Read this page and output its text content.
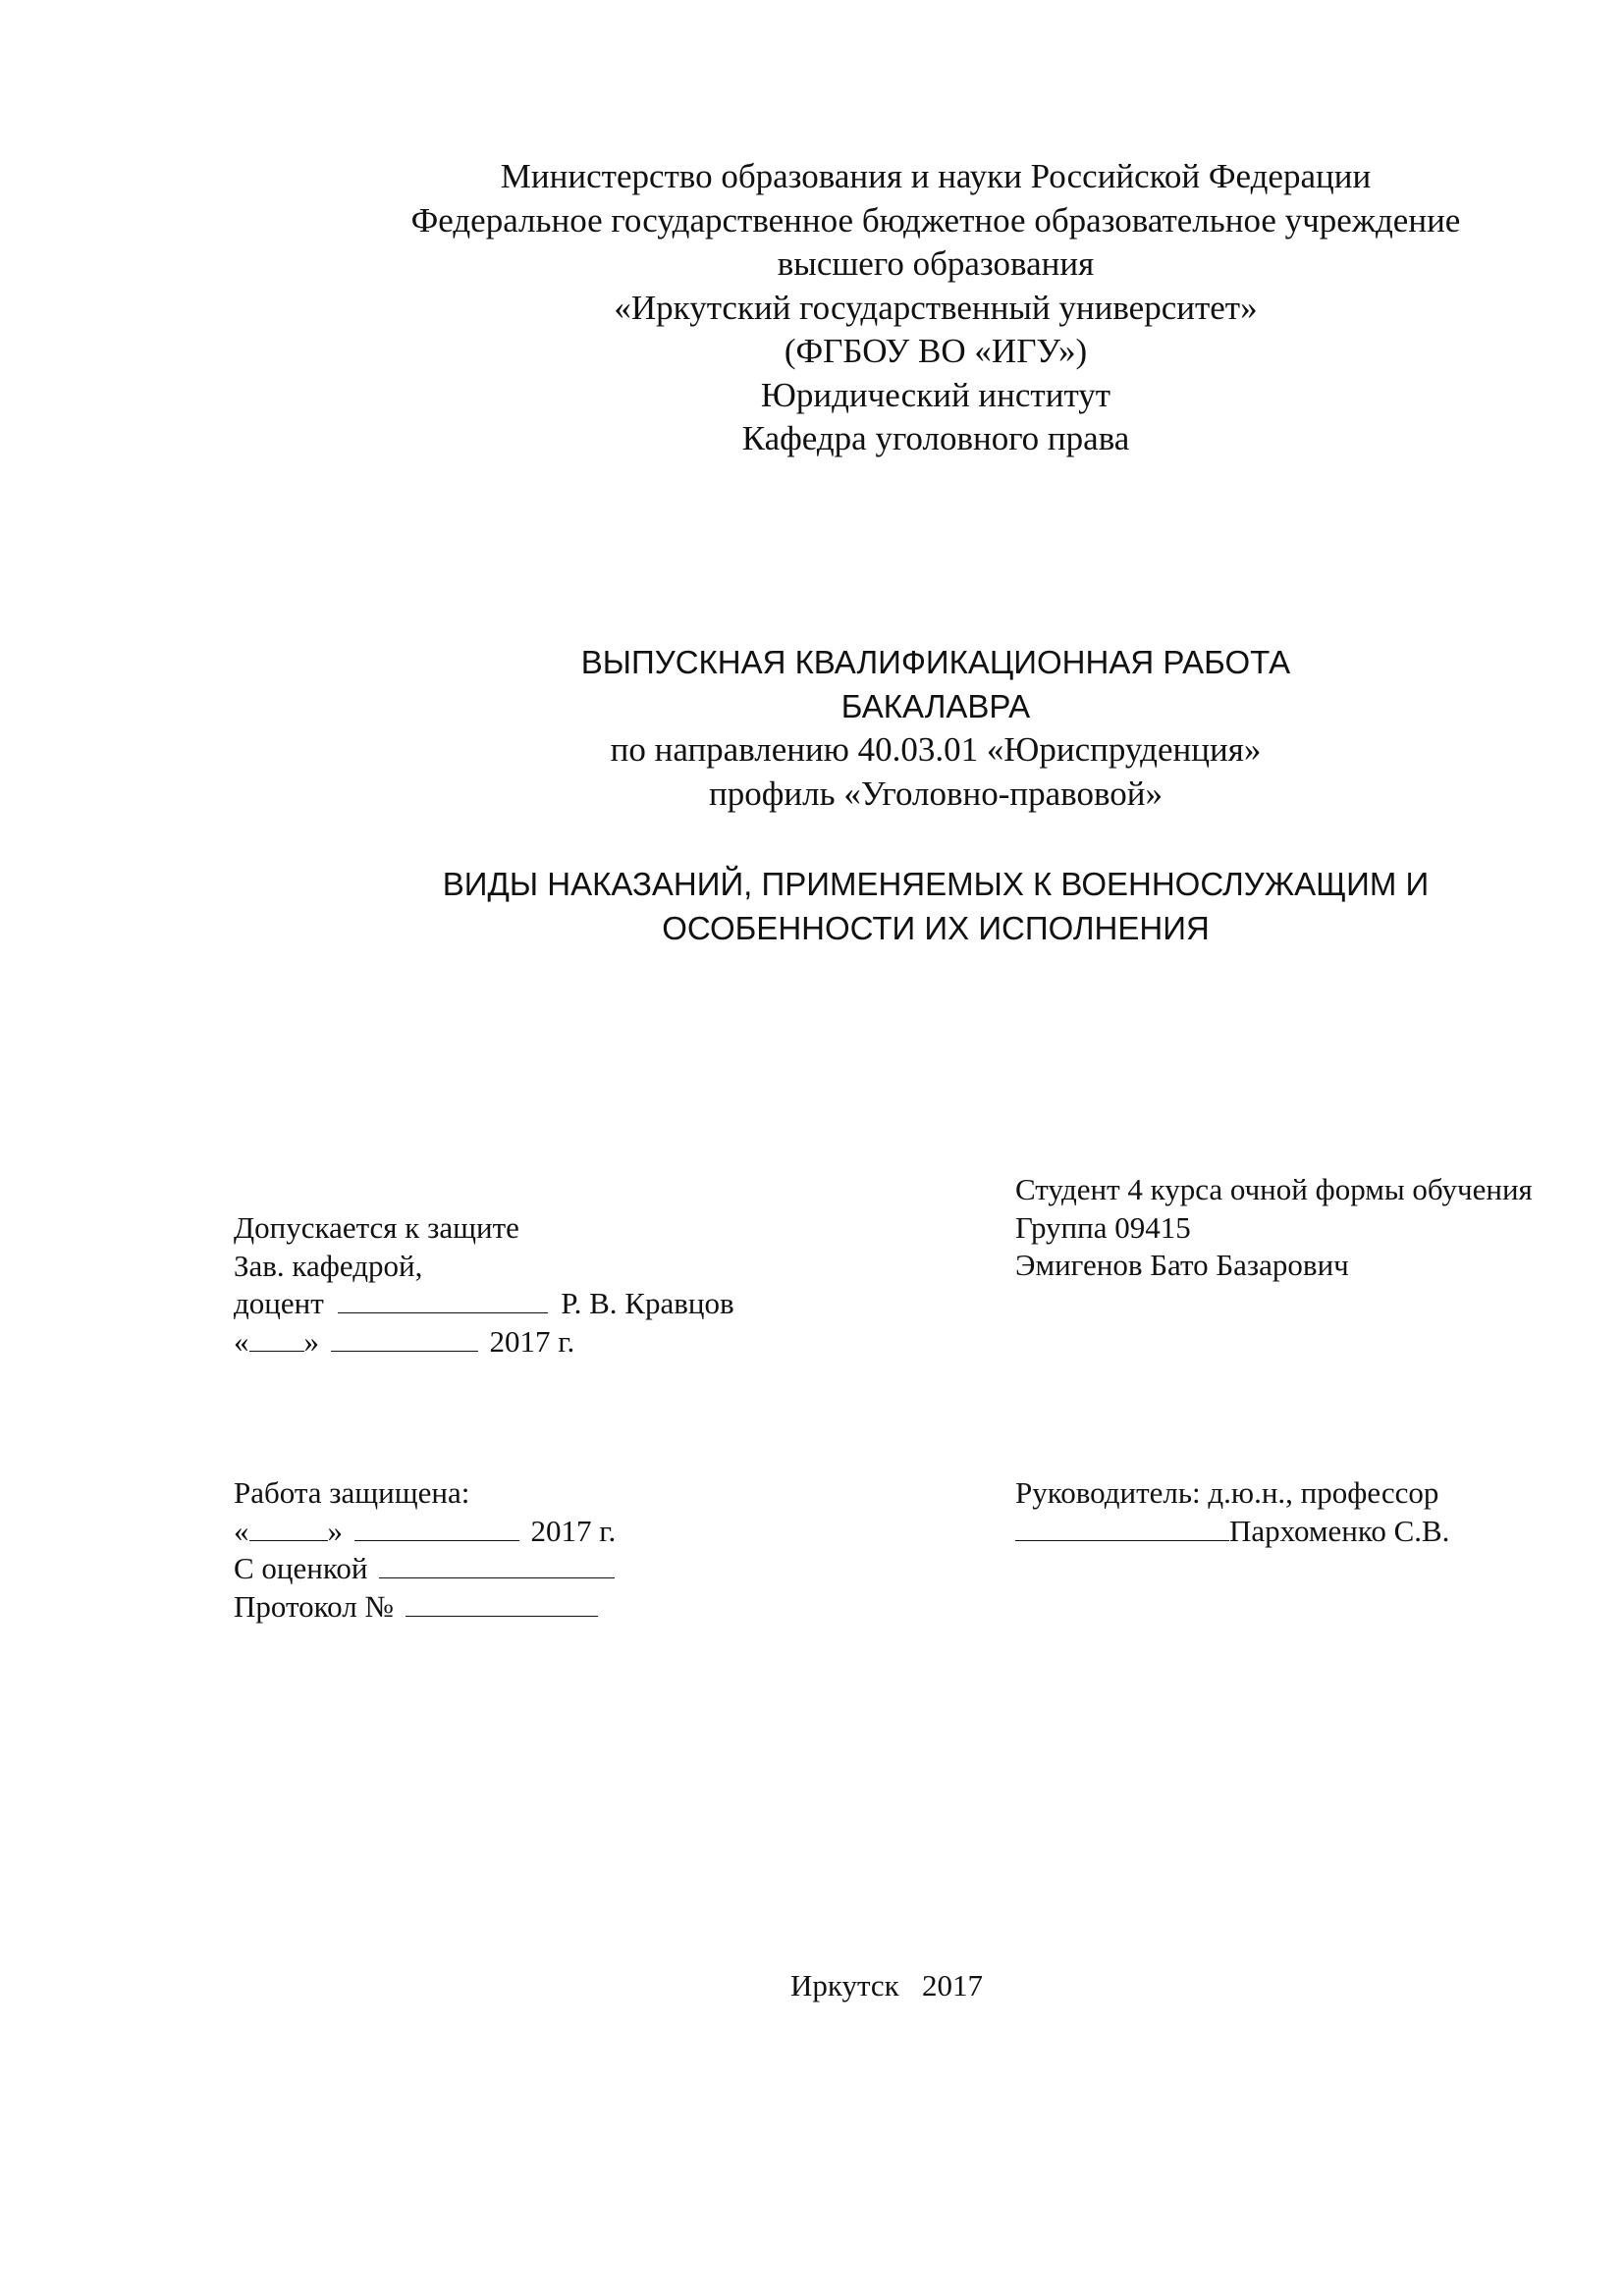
Министерство образования и науки Российской Федерации
Федеральное государственное бюджетное образовательное учреждение
высшего образования
«Иркутский государственный университет»
(ФГБОУ ВО «ИГУ»)
Юридический институт
Кафедра уголовного права
ВЫПУСКНАЯ КВАЛИФИКАЦИОННАЯ РАБОТА
БАКАЛАВРА
по направлению 40.03.01 «Юриспруденция»
профиль «Уголовно-правовой»
ВИДЫ НАКАЗАНИЙ, ПРИМЕНЯЕМЫХ К ВОЕННОСЛУЖАЩИМ И
ОСОБЕННОСТИ ИХ ИСПОЛНЕНИЯ
Студент 4 курса очной формы обучения
Группа 09415
Эмигенов Бато Базарович
Допускается к защите
Зав. кафедрой,
доцент	Р. В. Кравцов
« »	2017 г.
Работа защищена:
«	»	2017 г.
С оценкой
Протокол №
Руководитель: д.ю.н., профессор
Пархоменко С.В.
Иркутск 2017
